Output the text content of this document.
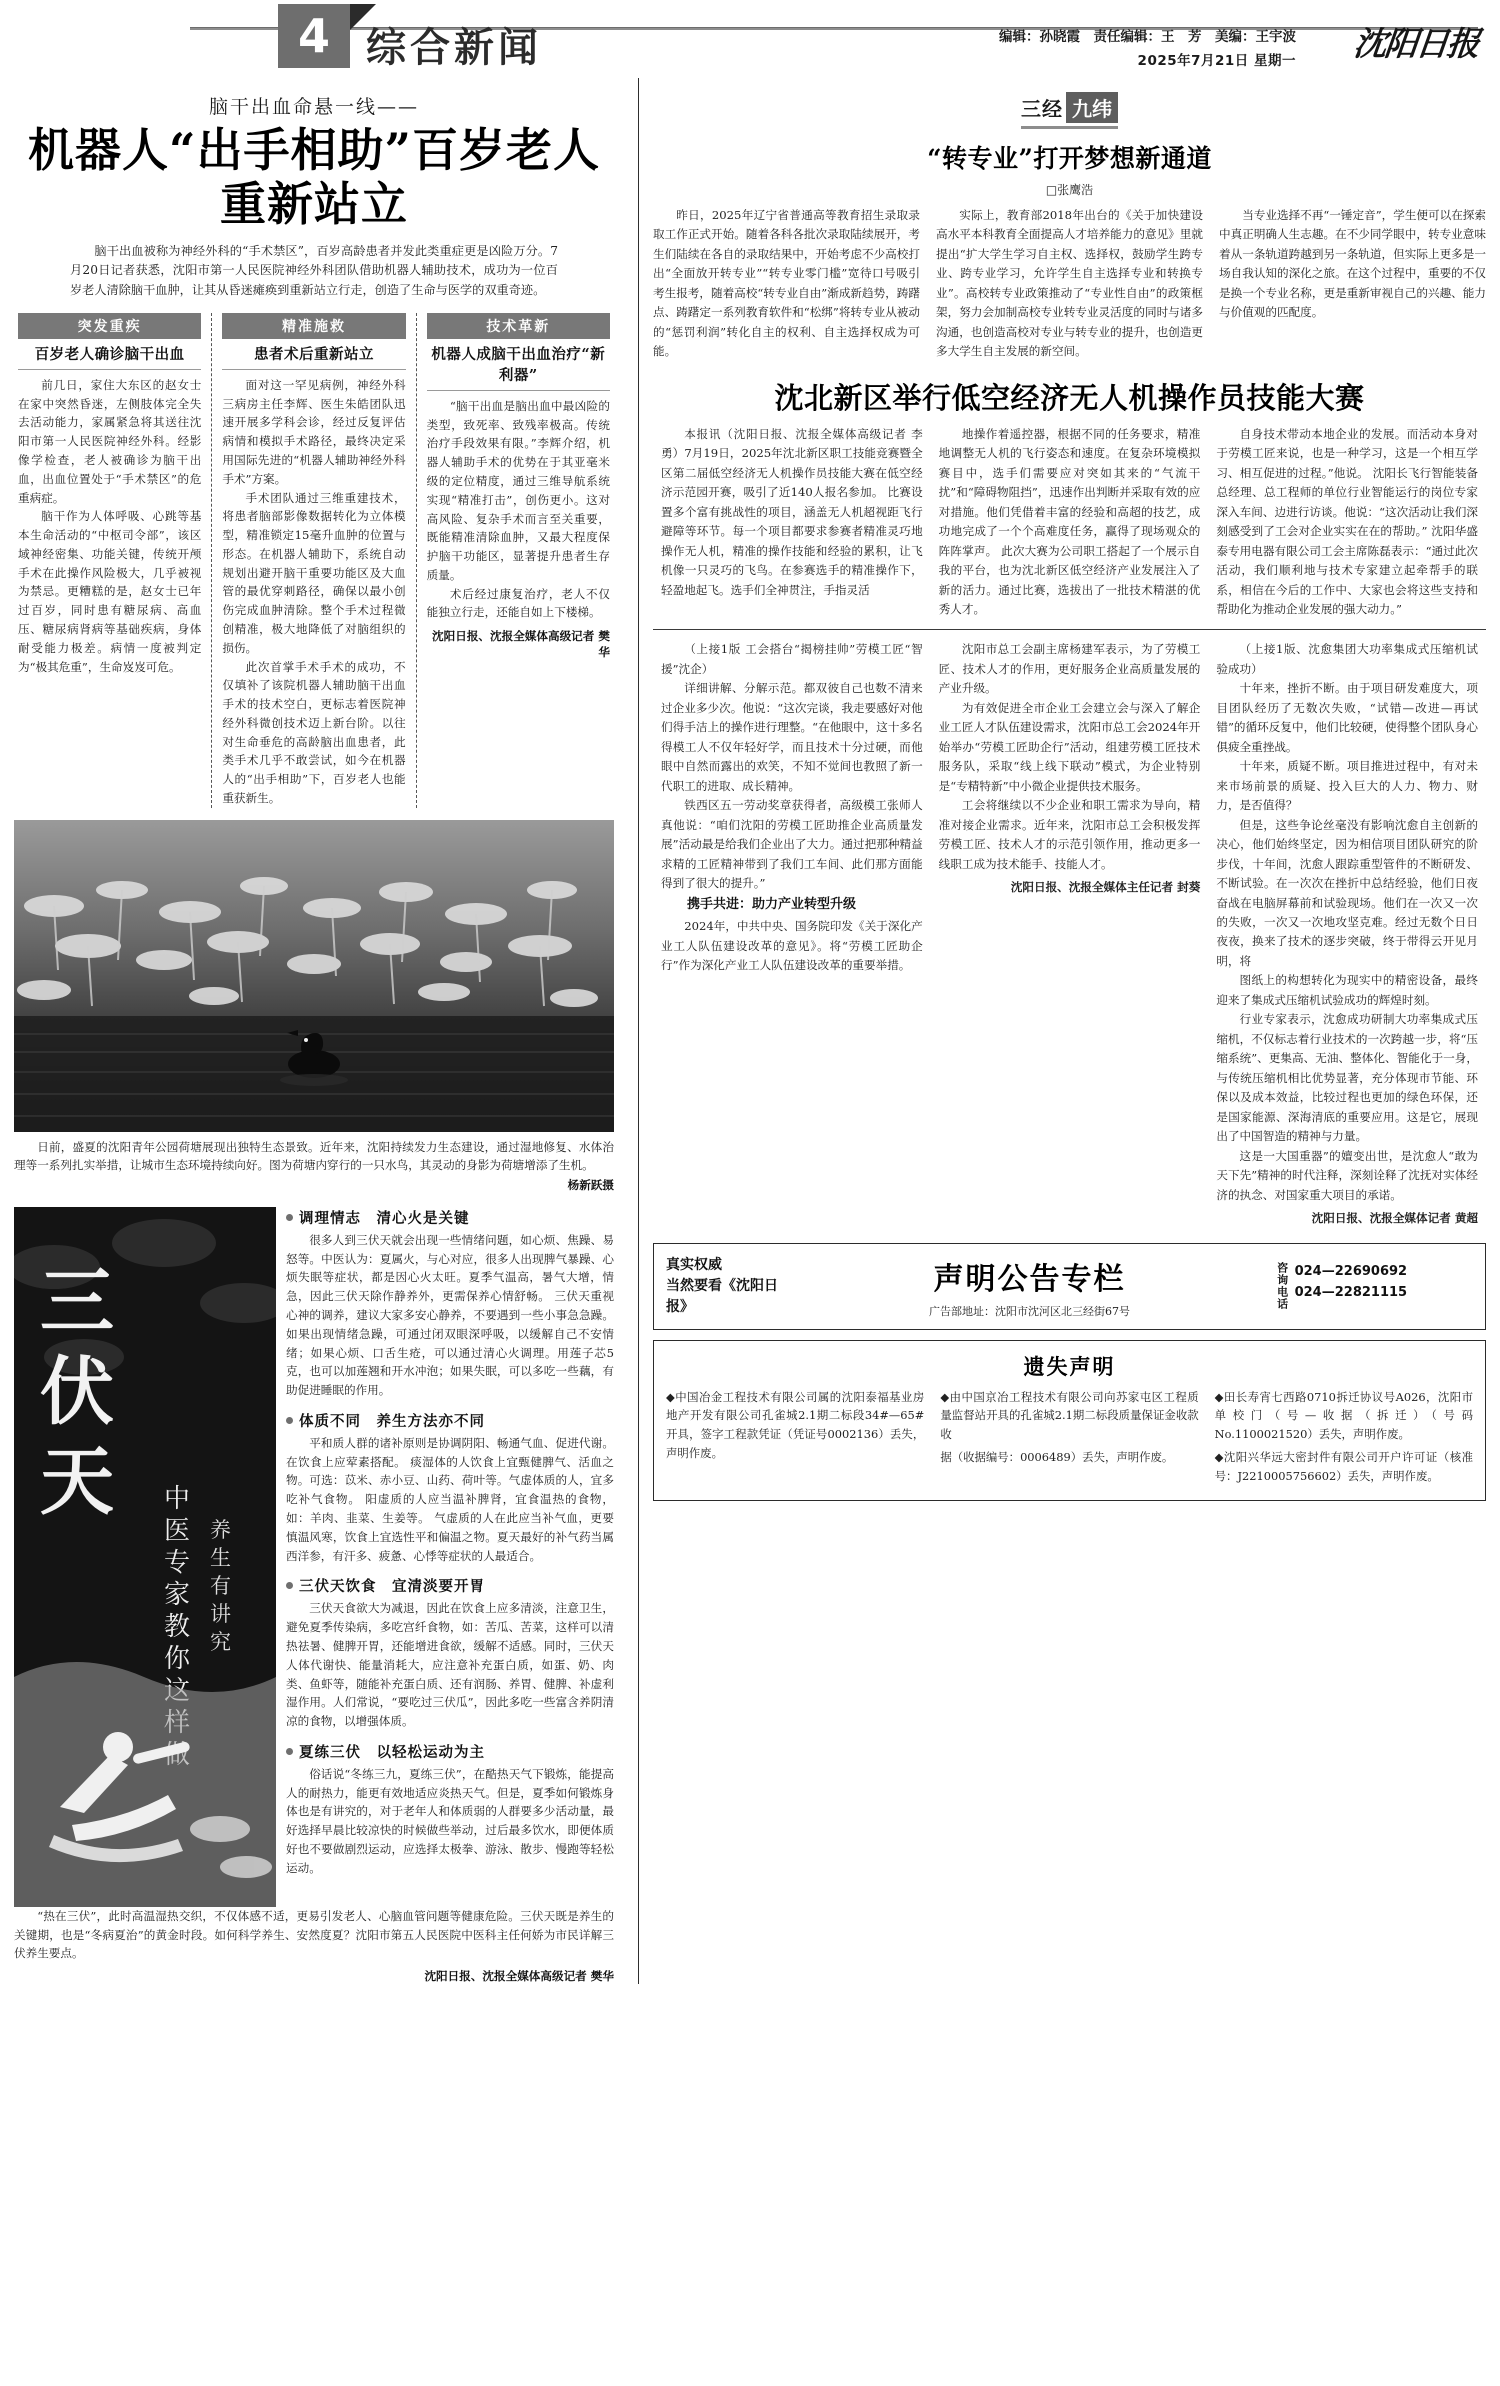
4 综合新闻	编辑：孙晓霞　责任编辑：王　芳　美编：王宇波
2025年7月21日 星期一 沈阳日报
脑干出血命悬一线——
机器人“出手相助”百岁老人重新站立
脑干出血被称为神经外科的“手术禁区”，百岁高龄患者并发此类重症更是凶险万分。7月20日记者获悉，沈阳市第一人民医院神经外科团队借助机器人辅助技术，成功为一位百岁老人清除脑干血肿，让其从昏迷瘫痪到重新站立行走，创造了生命与医学的双重奇迹。
突发重疾
百岁老人确诊脑干出血

前几日，家住大东区的赵女士在家中突然昏迷，左侧肢体完全失去活动能力，家属紧急将其送往沈阳市第一人民医院神经外科。经影像学检查，老人被确诊为脑干出血，出血位置处于“手术禁区”的危重病症。

脑干作为人体呼吸、心跳等基本生命活动的“中枢司令部”，该区域神经密集、功能关键，传统开颅手术在此操作风险极大，几乎被视为禁忌。更糟糕的是，赵女士已年过百岁，同时患有糖尿病、高血压、糖尿病肾病等基础疾病，身体耐受能力极差。病情一度被判定为“极其危重”，生命岌岌可危。

精准施救
患者术后重新站立

面对这一罕见病例，神经外科三病房主任李辉、医生朱皓团队迅速开展多学科会诊，经过反复评估病情和模拟手术路径，最终决定采用国际先进的“机器人辅助神经外科手术”方案。

手术团队通过三维重建技术，将患者脑部影像数据转化为立体模型，精准锁定15毫升血肿的位置与形态。在机器人辅助下，系统自动规划出避开脑干重要功能区及大血管的最优穿刺路径，确保以最小创伤完成血肿清除。整个手术过程微创精准，极大地降低了对脑组织的损伤。

此次首掌手术手术的成功，不仅填补了该院机器人辅助脑干出血手术的技术空白，更标志着医院神经外科微创技术迈上新台阶。以往对生命垂危的高龄脑出血患者，此类手术几乎不敢尝试，如今在机器人的“出手相助”下，百岁老人也能重获新生。

技术革新
机器人成脑干出血治疗“新利器”

“脑干出血是脑出血中最凶险的类型，致死率、致残率极高。传统治疗手段效果有限。”李辉介绍，机器人辅助手术的优势在于其亚毫米级的定位精度，通过三维导航系统实现“精准打击”，创伤更小。这对高风险、复杂手术而言至关重要，既能精准清除血肿，又最大程度保护脑干功能区，显著提升患者生存质量。

术后经过康复治疗，老人不仅能独立行走，还能自如上下楼梯。

沈阳日报、沈报全媒体高级记者 樊华
日前，盛夏的沈阳青年公园荷塘展现出独特生态景致。近年来，沈阳持续发力生态建设，通过湿地修复、水体治理等一系列扎实举措，让城市生态环境持续向好。图为荷塘内穿行的一只水鸟，其灵动的身影为荷塘增添了生机。
杨新跃摄
三
伏
天 中
医
专
家
教
你
养
生
有
讲
究
调理情志　清心火是关键

很多人到三伏天就会出现一些情绪问题，如心烦、焦躁、易怒等。中医认为：夏属火，与心对应，很多人出现脾气暴躁、心烦失眠等症状，都是因心火太旺。夏季气温高，暑气大增，情急，因此三伏天除作静养外，更需保养心情舒畅。 三伏天重视心神的调养，建议大家多安心静养，不要遇到一些小事急急躁。如果出现情绪急躁，可通过闭双眼深呼吸，以缓解自己不安情绪；如果心烦、口舌生疮，可以通过清心火调理。用莲子芯5克，也可以加莲翘和开水冲泡；如果失眠，可以多吃一些藕，有助促进睡眠的作用。

体质不同　养生方法亦不同

平和质人群的诸补原则是协调阴阳、畅通气血、促进代谢。在饮食上应荤素搭配。 痰湿体的人饮食上宜甄健脾气、活血之物。可选：苡米、赤小豆、山药、荷叶等。气虚体质的人，宜多吃补气食物。 阳虚质的人应当温补脾肾，宜食温热的食物，如：羊肉、韭菜、生姜等。 气虚质的人在此应当补气血，更要慎温风寒，饮食上宜选性平和偏温之物。夏天最好的补气药当属西洋参，有汗多、疲惫、心悸等症状的人最适合。

三伏天饮食　宜清淡要开胃

三伏天食欲大为减退，因此在饮食上应多清淡，注意卫生，避免夏季传染病，多吃宫纤食物，如：苦瓜、苦菜，这样可以清热祛暑、健脾开胃，还能增进食欲，缓解不适感。同时，三伏天人体代谢快、能量消耗大，应注意补充蛋白质，如蛋、奶、肉类、鱼虾等，随能补充蛋白质、还有润肠、养胃、健脾、补虚利湿作用。人们常说，“要吃过三伏瓜”，因此多吃一些富含养阴清凉的食物，以增强体质。

夏练三伏　以轻松运动为主

俗话说“冬练三九，夏练三伏”，在酷热天气下锻炼，能提高人的耐热力，能更有效地适应炎热天气。但是，夏季如何锻炼身体也是有讲究的，对于老年人和体质弱的人群要多少活动量，最好选择早晨比较凉快的时候做些举动，过后最多饮水，即便体质好也不要做剧烈运动，应选择太极拳、游泳、散步、慢跑等轻松运动。

“热在三伏”，此时高温湿热交织，不仅体感不适，更易引发老人、心脑血管问题等健康危险。三伏天既是养生的关键期，也是“冬病夏治”的黄金时段。如何科学养生、安然度夏？沈阳市第五人民医院中医科主任何娇为市民详解三伏养生要点。
沈阳日报、沈报全媒体高级记者 樊华
三经 九纬
“转专业”打开梦想新通道
□张鹰浩

昨日，2025年辽宁省普通高等教育招生录取录取工作正式开始。随着各科各批次录取陆续展开，考生们陆续在各自的录取结果中，开始考虑不少高校打出“全面放开转专业”“转专业零门槛”宽待口号吸引考生报考，随着高校“转专业自由”渐成新趋势，踌躇点、踌躇定一系列教育软件和“松绑”将转专业从被动的“惩罚利润”转化自主的权利、自主选择权成为可能。

实际上，教育部2018年出台的《关于加快建设高水平本科教育全面提高人才培养能力的意见》里就提出“扩大学生学习自主权、选择权，鼓励学生跨专业、跨专业学习，允许学生自主选择专业和转换专业”。高校转专业政策推动了“专业性自由”的政策框架，努力会加制高校专业转专业灵活度的同时与诸多沟通，也创造高校对专业与转专业的提升，也创造更多大学生自主发展的新空间。

当专业选择不再“一锤定音”，学生便可以在探索中真正明确人生志趣。在不少同学眼中，转专业意味着从一条轨道跨越到另一条轨道，但实际上更多是一场自我认知的深化之旅。在这个过程中，重要的不仅是换一个专业名称，更是重新审视自己的兴趣、能力与价值观的匹配度。

沈北新区举行低空经济无人机操作员技能大赛

本报讯（沈阳日报、沈报全媒体高级记者 李勇）7月19日，2025年沈北新区职工技能竞赛暨全区第二届低空经济无人机操作员技能大赛在低空经济示范园开赛，吸引了近140人报名参加。 比赛设置多个富有挑战性的项目，涵盖无人机超视距飞行避障等环节。每一个项目都要求参赛者精准灵巧地操作无人机，精准的操作技能和经验的累积，让飞机像一只灵巧的飞鸟。在参赛选手的精准操作下，轻盈地起飞。选手们全神贯注，手指灵活

地操作着遥控器，根据不同的任务要求，精准地调整无人机的飞行姿态和速度。在复杂环境模拟赛目中，选手们需要应对突如其来的“气流干扰”和“障碍物阻挡”，迅速作出判断并采取有效的应对措施。他们凭借着丰富的经验和高超的技艺，成功地完成了一个个高难度任务，赢得了现场观众的阵阵掌声。 此次大赛为公司职工搭起了一个展示自我的平台，也为沈北新区低空经济产业发展注入了新的活力。通过比赛，选拔出了一批技术精湛的优秀人才。

自身技术带动本地企业的发展。而活动本身对于劳模工匠来说，也是一种学习，这是一个相互学习、相互促进的过程。”他说。 沈阳长飞行智能装备总经理、总工程师的单位行业智能运行的岗位专家深入车间、边进行访谈。他说：“这次活动让我们深刻感受到了工会对企业实实在在的帮助。” 沈阳华盛泰专用电器有限公司工会主席陈磊表示：“通过此次活动，我们顺利地与技术专家建立起牵帮手的联系，相信在今后的工作中、大家也会将这些支持和帮助化为推动企业发展的强大动力。”

（上接1版 工会搭台“揭榜挂帅”劳模工匠“智援”沈企）

详细讲解、分解示范。都双彼自己也数不清来过企业多少次。他说：“这次完谈，我走要感好对他们得手洁上的操作进行理整。“在他眼中，这十多名得模工人不仅年轻好学，而且技术十分过硬，而他眼中自然而露出的欢笑，不知不觉间也教照了新一代职工的进取、成长精神。

铁西区五一劳动奖章获得者，高级模工张师人真他说：“咱们沈阳的劳模工匠助推企业高质量发展”活动最是给我们企业出了大力。通过把那种精益求精的工匠精神带到了我们工车间、此们那方面能得到了很大的提升。”

携手共进：助力产业转型升级

2024年，中共中央、国务院印发《关于深化产业工人队伍建设改革的意见》。将“劳模工匠助企行”作为深化产业工人队伍建设改革的重要举措。

沈阳市总工会副主席杨建军表示，为了劳模工匠、技术人才的作用，更好服务企业高质量发展的产业升级。

为有效促进全市企业工会建立会与深入了解企业工匠人才队伍建设需求，沈阳市总工会2024年开始举办“劳模工匠助企行”活动，组建劳模工匠技术服务队，采取“线上线下联动”模式，为企业特别是“专精特新”中小微企业提供技术服务。

工会将继续以不少企业和职工需求为导向，精准对接企业需求。近年来，沈阳市总工会积极发挥劳模工匠、技术人才的示范引领作用，推动更多一线职工成为技术能手、技能人才。

沈阳日报、沈报全媒体主任记者 封葵

（上接1版、沈愈集团大功率集成式压缩机试验成功）

十年来，挫折不断。由于项目研发难度大，项目团队经历了无数次失败，“试错—改进—再试错”的循环反复中，他们比较硬，使得整个团队身心俱疲全重挫战。

十年来，质疑不断。项目推进过程中，有对未来市场前景的质疑、投入巨大的人力、物力、财力，是否值得？

但是，这些争论丝毫没有影响沈愈自主创新的决心，他们始终坚定，因为相信项目团队研究的阶步伐，十年间，沈愈人跟踪重型管件的不断研发、不断试验。在一次次在挫折中总结经验，他们日夜奋战在电脑屏幕前和试验现场。他们在一次又一次的失败，一次又一次地攻坚克难。经过无数个日日夜夜，换来了技术的逐步突破，终于带得云开见月明，将

图纸上的构想转化为现实中的精密设备，最终迎来了集成式压缩机试验成功的辉煌时刻。

行业专家表示，沈愈成功研制大功率集成式压缩机，不仅标志着行业技术的一次跨越一步，将“压缩系统”、更集高、无油、整体化、智能化于一身，与传统压缩机相比优势显著，充分体现市节能、环保以及成本效益，比较过程也更加的绿色环保，还是国家能源、深海清底的重要应用。这是它，展现出了中国智造的精神与力量。

这是一大国重器”的嬗变出世，是沈愈人“敢为天下先”精神的时代注释，深刻诠释了沈抚对实体经济的执念、对国家重大项目的承诺。

沈阳日报、沈报全媒体记者 黄超

真实权威
当然要看《沈阳日报》
声明公告专栏
广告部地址：沈阳市沈河区北三经街67号
咨询电话 024—22690692
024—22821115
遗失声明

◆中国冶金工程技术有限公司属的沈阳泰福基业房地产开发有限公司孔雀城2.1期二标段34#—65#开具，签字工程款凭证（凭证号0002136）丢失，声明作废。

◆由中国京冶工程技术有限公司向苏家屯区工程质量监督站开具的孔雀城2.1期二标段质量保证金收款收

据（收据编号：0006489）丢失，声明作废。

◆田长寿宵七西路0710拆迁协议号A026，沈阳市单校门（号—收据（拆迁）（号码 No.1100021520）丢失，声明作废。

◆沈阳兴华远大密封件有限公司开户许可证（核准号：J2210005756602）丢失，声明作废。
